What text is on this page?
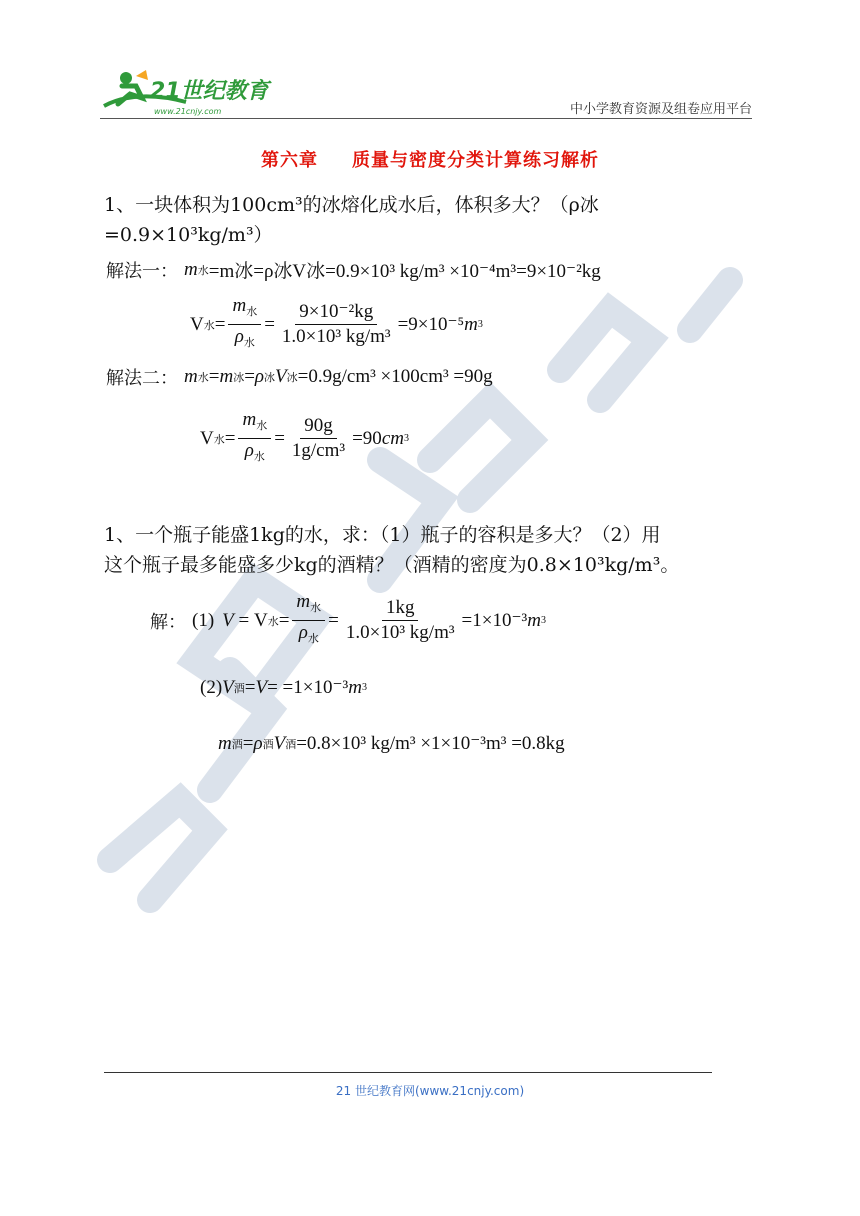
21世纪教育
www.21cnjy.com	中小学教育资源及组卷应用平台
第六章 质量与密度分类计算练习解析
1、一块体积为100cm³的冰熔化成水后，体积多大？（ρ冰
=0.9×10³kg/m³）
解法一： m 水 =m冰=ρ冰V冰=0.9×10³ kg/m³ ×10⁻⁴m³=9×10⁻²kg
V 水 = $\frac{m_水}{\rho_水} = \frac{\text{9×10⁻²kg}}{\text{1.0×10³ kg/m³}} =9\times 10^{-5}$ m 3
解法二： m 水 = m 冰 = ρ 冰 V 冰 =0.9g/cm³ ×100cm³ =90g
V 水 = $\frac{m_水}{\rho_水} = \frac{90g}{\text{1g/cm³}} =90$ cm 3
1、一个瓶子能盛1kg的水，求：（1）瓶子的容积是多大？（2）用
这个瓶子最多能盛多少kg的酒精？（酒精的密度为0.8×10³kg/m³。
解： (1) V = V 水 = $\frac{m_水}{\rho_水} = \frac{1kg}{\text{1.0×10³ kg/m³}} =1\times 10^{-3}$ m 3
(2) V 酒 = V = =1×10⁻³ m 3
m 酒 = ρ 酒 V 酒 =0.8×10³ kg/m³ ×1×10⁻³m³ =0.8kg
21 世纪教育网(www.21cnjy.com)
